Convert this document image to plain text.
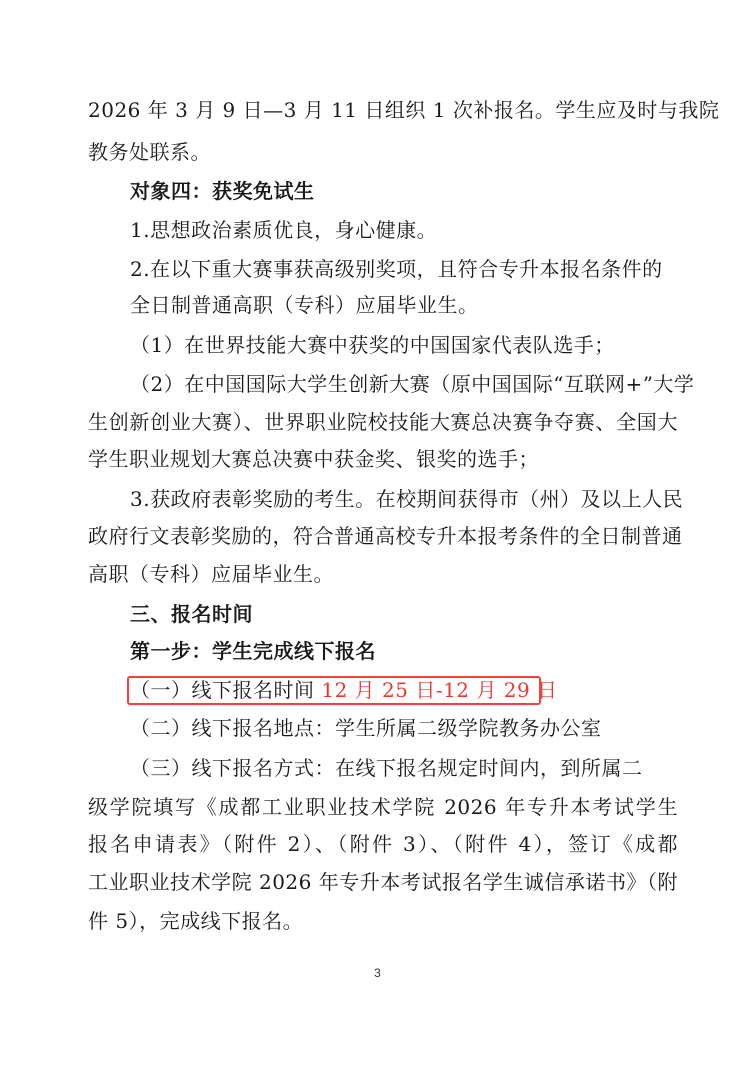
2026 年 3 月 9 日—3 月 11 日组织 1 次补报名。学生应及时与我院
教务处联系。
对象四：获奖免试生
1.思想政治素质优良，身心健康。
2.在以下重大赛事获高级别奖项，且符合专升本报名条件的
全日制普通高职（专科）应届毕业生。
（1）在世界技能大赛中获奖的中国国家代表队选手；
（2）在中国国际大学生创新大赛（原中国国际“互联网+”大学
生创新创业大赛）、世界职业院校技能大赛总决赛争夺赛、全国大
学生职业规划大赛总决赛中获金奖、银奖的选手；
3.获政府表彰奖励的考生。在校期间获得市（州）及以上人民
政府行文表彰奖励的，符合普通高校专升本报考条件的全日制普通
高职（专科）应届毕业生。
三、报名时间
第一步：学生完成线下报名
（一）线下报名时间 12 月 25 日-12 月 29 日
（二）线下报名地点：学生所属二级学院教务办公室
（三）线下报名方式：在线下报名规定时间内，到所属二
级学院填写《成都工业职业技术学院 2026 年专升本考试学生
报名申请表》（附件 2）、（附件 3）、（附件 4），签订《成都
工业职业技术学院 2026 年专升本考试报名学生诚信承诺书》（附
件 5），完成线下报名。
3
